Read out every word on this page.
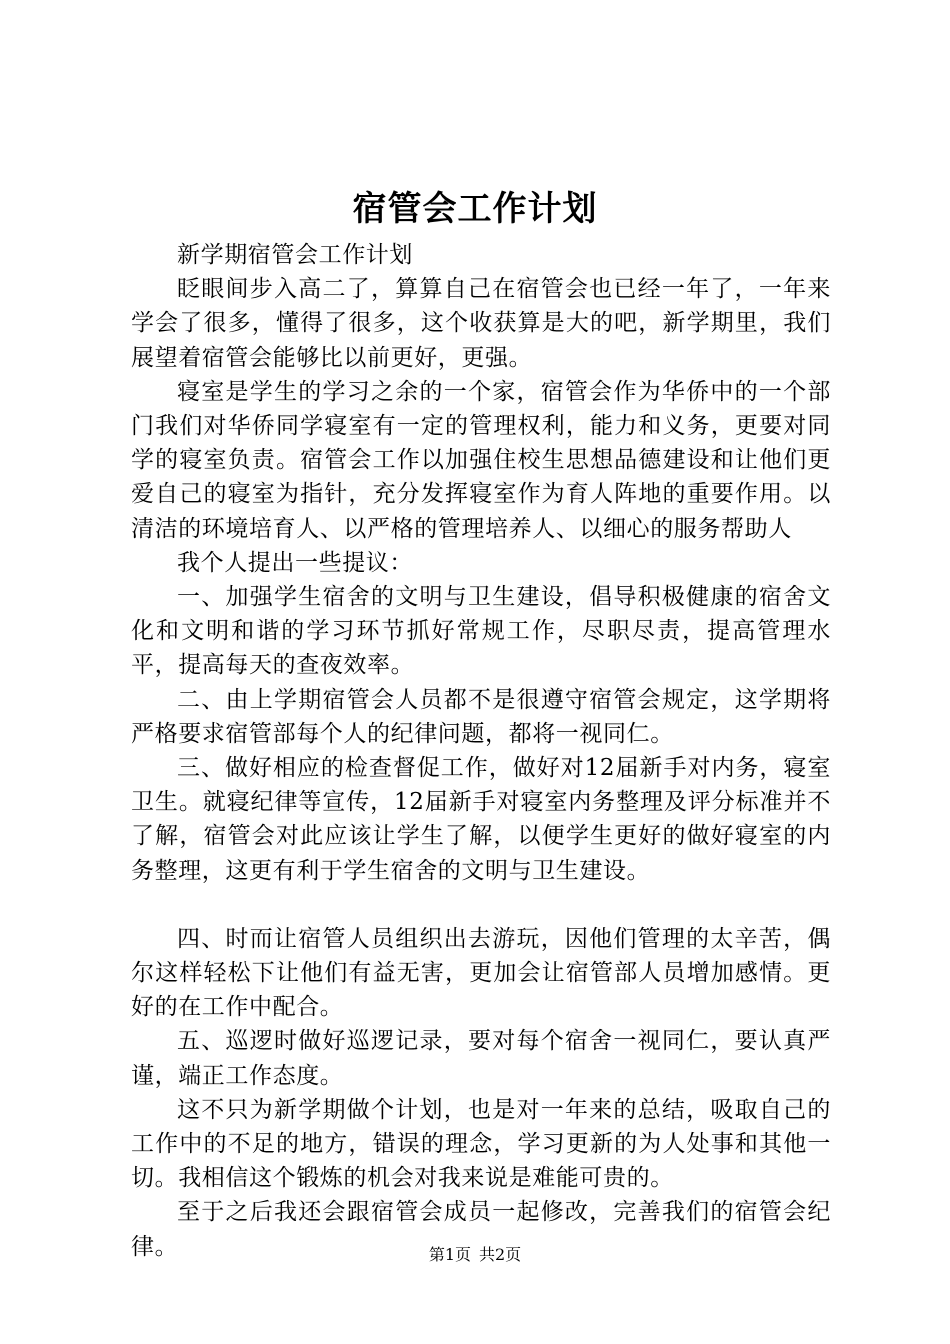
宿管会工作计划

新学期宿管会工作计划

眨眼间步入高二了，算算自己在宿管会也已经一年了，一年来学会了很多，懂得了很多，这个收获算是大的吧，新学期里，我们展望着宿管会能够比以前更好，更强。

寝室是学生的学习之余的一个家，宿管会作为华侨中的一个部门我们对华侨同学寝室有一定的管理权利，能力和义务，更要对同学的寝室负责。宿管会工作以加强住校生思想品德建设和让他们更爱自己的寝室为指针，充分发挥寝室作为育人阵地的重要作用。以清洁的环境培育人、以严格的管理培养人、以细心的服务帮助人

我个人提出一些提议：

一、加强学生宿舍的文明与卫生建设，倡导积极健康的宿舍文化和文明和谐的学习环节抓好常规工作，尽职尽责，提高管理水平，提高每天的查夜效率。

二、由上学期宿管会人员都不是很遵守宿管会规定，这学期将严格要求宿管部每个人的纪律问题，都将一视同仁。

三、做好相应的检查督促工作，做好对12届新手对内务，寝室卫生。就寝纪律等宣传，12届新手对寝室内务整理及评分标准并不了解，宿管会对此应该让学生了解，以便学生更好的做好寝室的内务整理，这更有利于学生宿舍的文明与卫生建设。

四、时而让宿管人员组织出去游玩，因他们管理的太辛苦，偶尔这样轻松下让他们有益无害，更加会让宿管部人员增加感情。更好的在工作中配合。

五、巡逻时做好巡逻记录，要对每个宿舍一视同仁，要认真严谨，端正工作态度。

这不只为新学期做个计划，也是对一年来的总结，吸取自己的工作中的不足的地方，错误的理念，学习更新的为人处事和其他一切。我相信这个锻炼的机会对我来说是难能可贵的。

至于之后我还会跟宿管会成员一起修改，完善我们的宿管会纪律。	第1页 共2页
